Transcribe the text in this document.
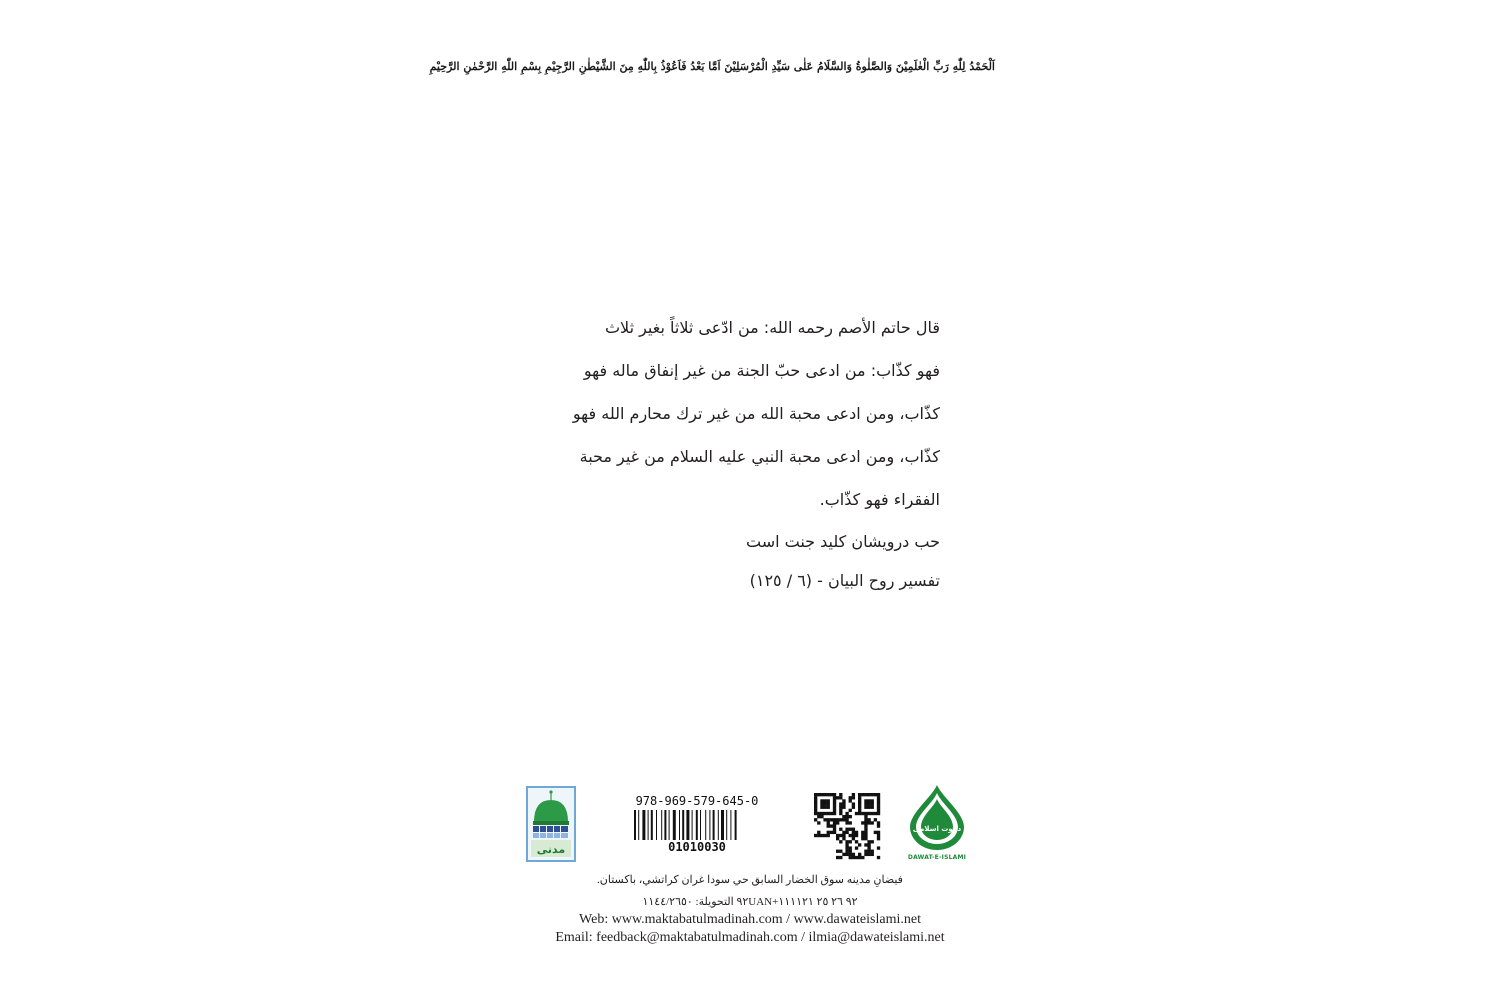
اَلْحَمْدُ لِلّٰهِ رَبِّ الْعٰلَمِیْنَ وَالصَّلٰوةُ وَالسَّلَامُ عَلٰی سَیِّدِ الْمُرْسَلِیْنَ اَمَّا بَعْدُ فَاَعُوْذُ بِاللّٰهِ مِنَ الشَّیْطٰنِ الرَّجِیْمِ بِسْمِ اللّٰهِ الرَّحْمٰنِ الرَّحِیْمِ
قال حاتم الأصم رحمه الله: من ادّعى ثلاثاً بغير ثلاث
فهو كذّاب: من ادعى حبّ الجنة من غير إنفاق ماله فهو
كذّاب، ومن ادعى محبة الله من غير ترك محارم الله فهو
كذّاب، ومن ادعى محبة النبي عليه السلام من غير محبة
الفقراء فهو كذّاب.
حب درويشان كليد جنت است
تفسير روح البيان - (٦ / ١٢٥)
مدنی
978-969-579-645-0
01010030
دعوت اسلامی
DAWAT-E-ISLAMI
فيضانِ مدينه سوق الخضار السابق حي سودا غران كراتشي، باكستان.
٩٢ ٢٦ ٢٥ ١١١١٢١+٩٢UAN التحويلة: ١١٤٤/٢٦٥٠
Web: www.maktabatulmadinah.com / www.dawateislami.net
Email: feedback@maktabatulmadinah.com / ilmia@dawateislami.net
